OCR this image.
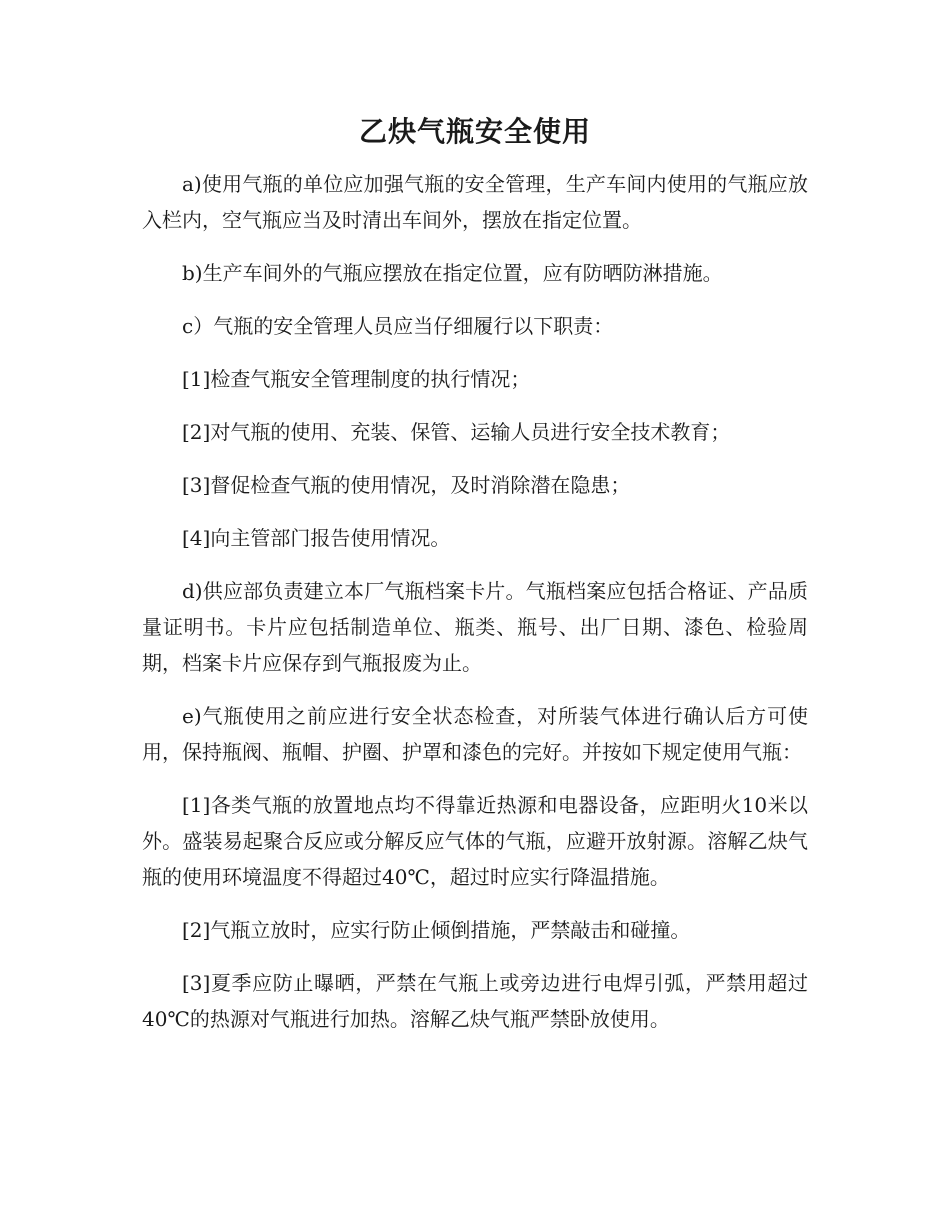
乙炔气瓶安全使用

a)使用气瓶的单位应加强气瓶的安全管理，生产车间内使用的气瓶应放入栏内，空气瓶应当及时清出车间外，摆放在指定位置。

b)生产车间外的气瓶应摆放在指定位置，应有防晒防淋措施。

c）气瓶的安全管理人员应当仔细履行以下职责：

[1]检查气瓶安全管理制度的执行情况；

[2]对气瓶的使用、充装、保管、运输人员进行安全技术教育；

[3]督促检查气瓶的使用情况，及时消除潜在隐患；

[4]向主管部门报告使用情况。

d)供应部负责建立本厂气瓶档案卡片。气瓶档案应包括合格证、产品质量证明书。卡片应包括制造单位、瓶类、瓶号、出厂日期、漆色、检验周期，档案卡片应保存到气瓶报废为止。

e)气瓶使用之前应进行安全状态检查，对所装气体进行确认后方可使用，保持瓶阀、瓶帽、护圈、护罩和漆色的完好。并按如下规定使用气瓶：

[1]各类气瓶的放置地点均不得靠近热源和电器设备，应距明火10米以外。盛装易起聚合反应或分解反应气体的气瓶，应避开放射源。溶解乙炔气瓶的使用环境温度不得超过40℃，超过时应实行降温措施。

[2]气瓶立放时，应实行防止倾倒措施，严禁敲击和碰撞。

[3]夏季应防止曝晒，严禁在气瓶上或旁边进行电焊引弧，严禁用超过40℃的热源对气瓶进行加热。溶解乙炔气瓶严禁卧放使用。
